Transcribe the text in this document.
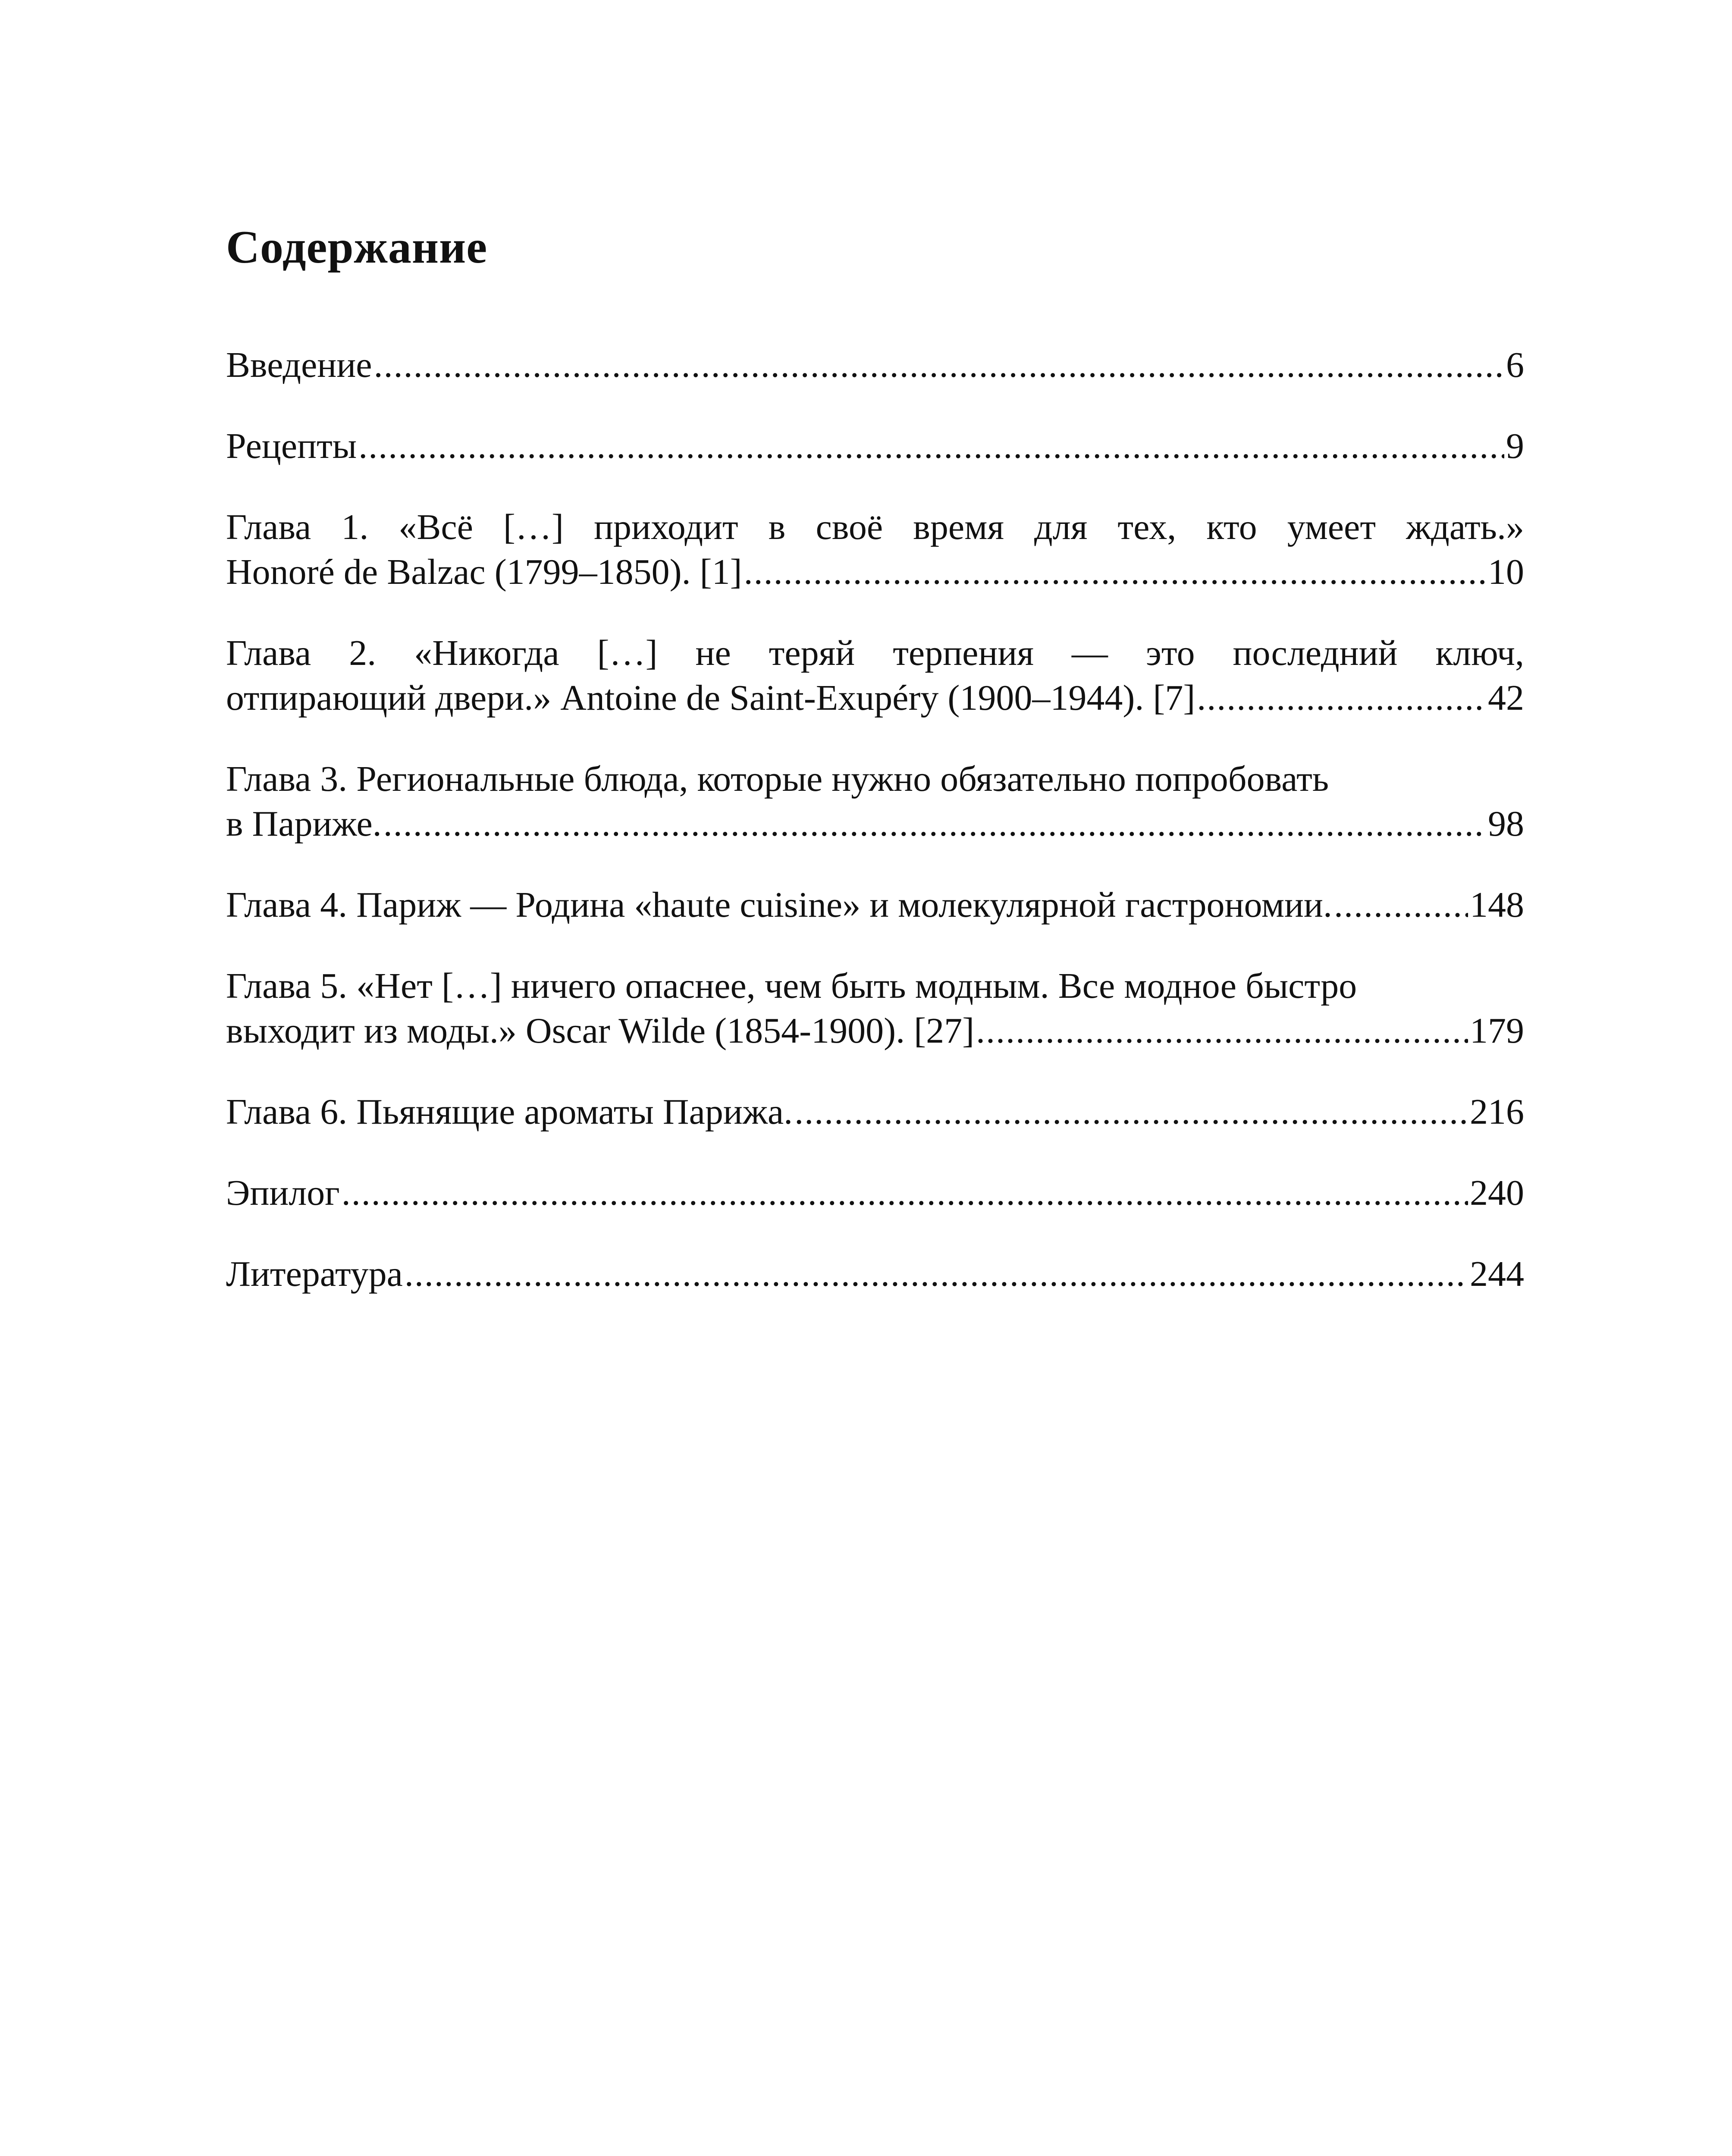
Содержание
Введение .....	6
Рецепты .....	9
Глава 1. «Всё […] приходит в своё время для тех, кто умеет ждать.»
Honoré de Balzac (1799–1850). [1] .....	10
Глава 2. «Никогда […] не теряй терпения — это последний ключ,
отпирающий двери.» Antoine de Saint-Exupéry (1900–1944). [7] .....	42
Глава 3. Региональные блюда, которые нужно обязательно попробовать
в Париже. .....	98
Глава 4. Париж — Родина «haute cuisine» и молекулярной гастрономии. .....	148
Глава 5. «Нет […] ничего опаснее, чем быть модным. Все модное быстро
выходит из моды.» Oscar Wilde (1854-1900). [27] .....	179
Глава 6. Пьянящие ароматы Парижа. .....	216
Эпилог .....	240
Литература .....	244
